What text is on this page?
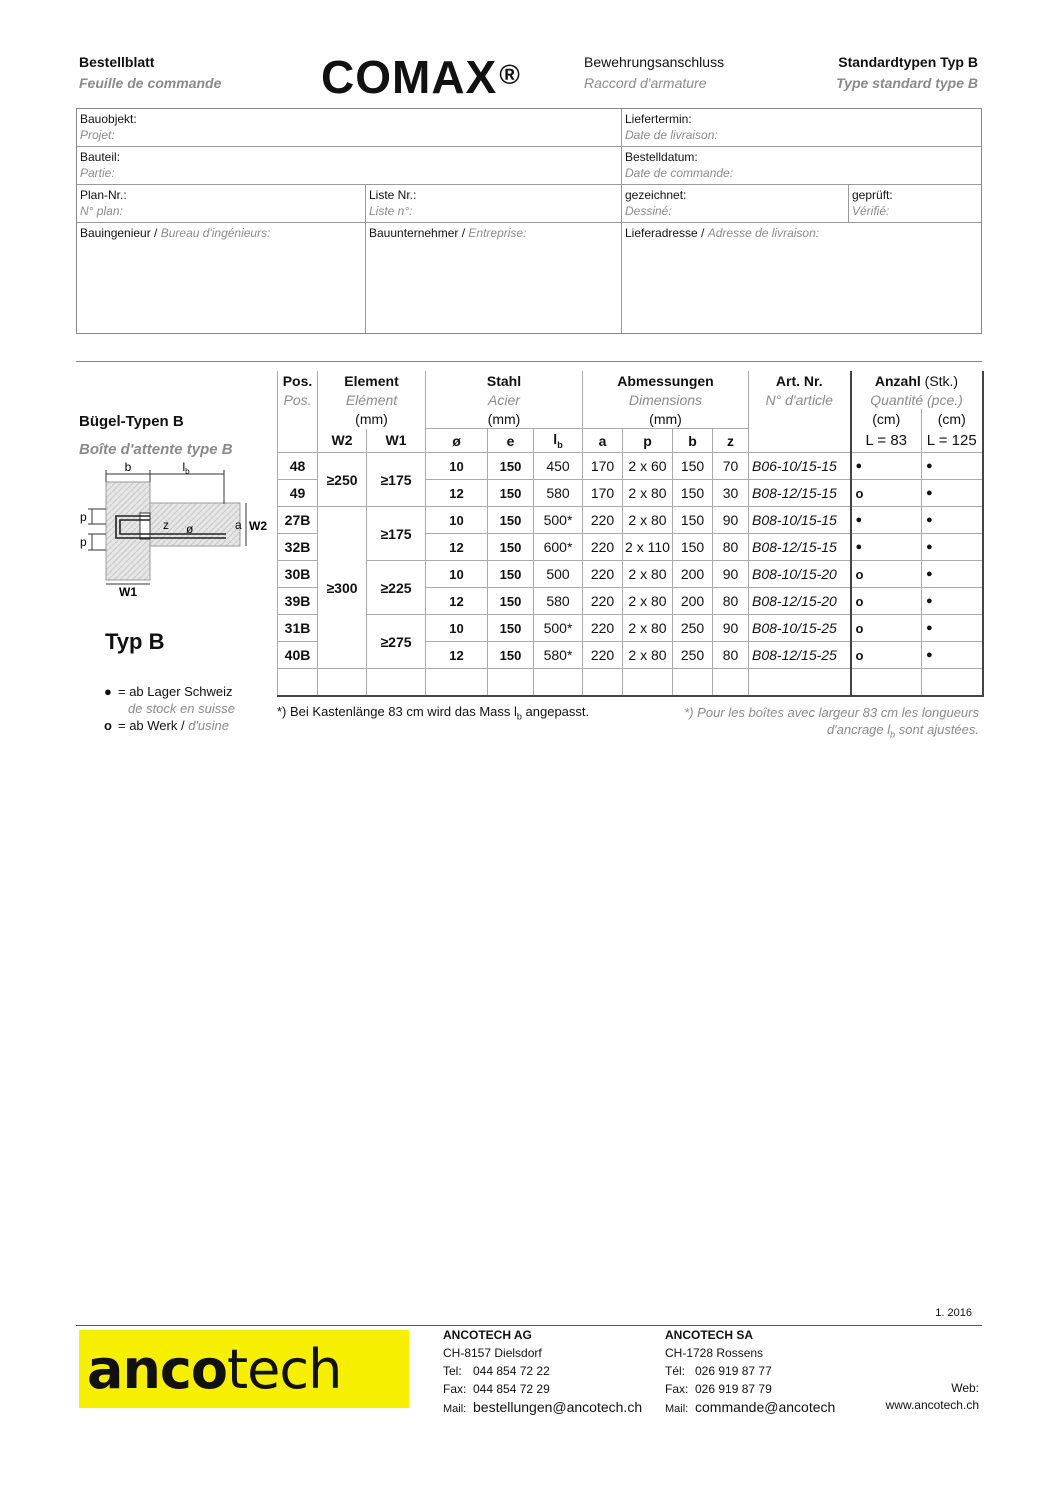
Bestellblatt
Feuille de commande COMAX®	Bewehrungsanschluss
Raccord d'armature
Standardtypen Typ B
Type standard type B
Bauobjekt:
Projet:
Liefertermin:
Date de livraison:
Bauteil:
Partie:
Bestelldatum:
Date de commande:
Plan-Nr.:
N° plan:
Liste Nr.:
Liste n°:
gezeichnet:
Dessiné:
geprüft:
Vérifié:
Bauingenieur / Bureau d'ingénieurs:	Bauunternehmer / Entreprise:	Lieferadresse / Adresse de livraison:
Bügel-Typen B
Boîte d'attente type B
b	$l_b$
p
p
z ø	a W2
W1
Typ B
● = ab Lager Schweiz
de stock en suisse
o = ab Werk / d'usine
Pos.	Element		Stahl			Abmessungen				Art. Nr.	Anzahl (Stk.)	
Pos.	Elément		Acier			Dimensions				N° d'article	Quantité (pce.)	
	(mm)		(mm)			(mm)					(cm)	(cm)
	W2	W1	ø	e	$l_b$	a	p	b	z		L = 83	L = 125
48	≥250	≥175	10	150	450	170	2 x 60	150	70	B06-10/15-15	●	●
49			12	150	580	170	2 x 80	150	30	B08-12/15-15	o	●
27B	≥300	≥175	10	150	500*	220	2 x 80	150	90	B08-10/15-15	●	●
32B			12	150	600*	220	2 x 110	150	80	B08-12/15-15	●	●
30B		≥225	10	150	500	220	2 x 80	200	90	B08-10/15-20	o	●
39B			12	150	580	220	2 x 80	200	80	B08-12/15-20	o	●
31B		≥275	10	150	500*	220	2 x 80	250	90	B08-10/15-25	o	●
40B			12	150	580*	220	2 x 80	250	80	B08-12/15-25	o	●

*) Bei Kastenlänge 83 cm wird das Mass $l_b$ angepasst.	*) Pour les boîtes avec largeur 83 cm les longueurs
d'ancrage $l_b$ sont ajustées.
1. 2016
ancotech
ANCOTECH AG
CH-8157 Dielsdorf
Tel: 044 854 72 22
Fax: 044 854 72 29
Mail: bestellungen@ancotech.ch
ANCOTECH SA
CH-1728 Rossens
Tél: 026 919 87 77
Fax: 026 919 87 79
Mail: commande@ancotech
Web:
www.ancotech.ch
